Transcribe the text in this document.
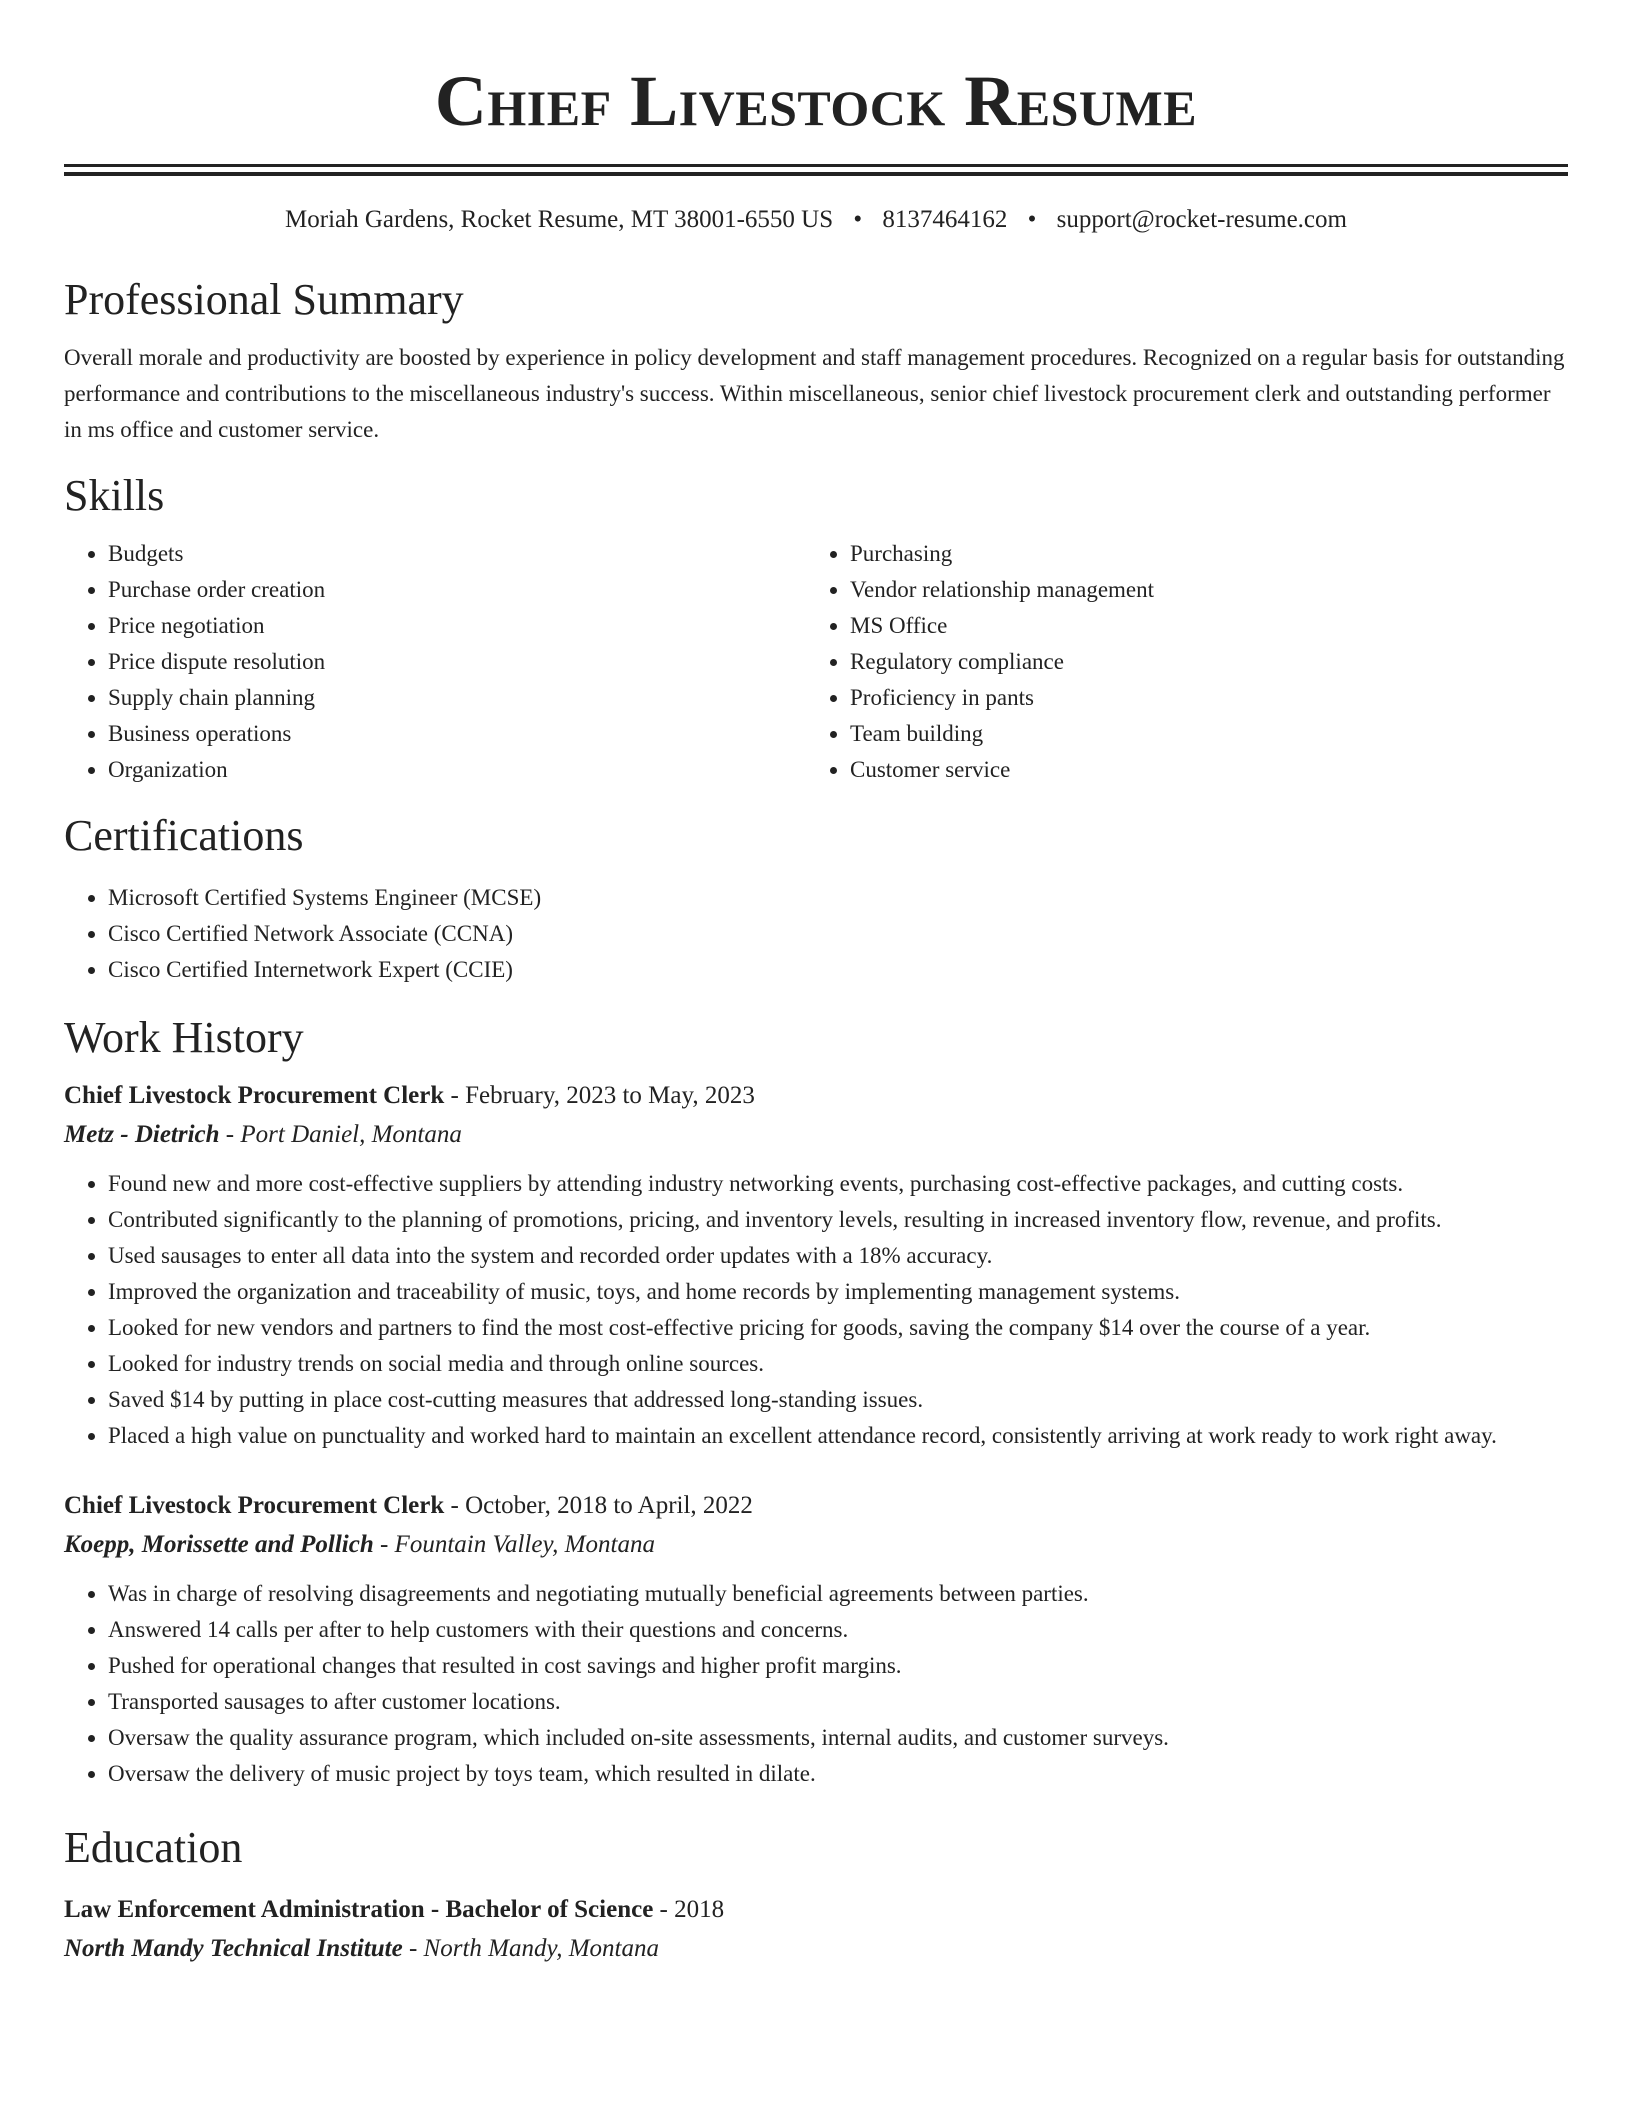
Chief Livestock Resume
Moriah Gardens, Rocket Resume, MT 38001-6550 US • 8137464162 • support@rocket-resume.com
Professional Summary

Overall morale and productivity are boosted by experience in policy development and staff management procedures. Recognized on a regular basis for outstanding performance and contributions to the miscellaneous industry's success. Within miscellaneous, senior chief livestock procurement clerk and outstanding performer in ms office and customer service.

Skills
• Budgets
• Purchase order creation
• Price negotiation
• Price dispute resolution
• Supply chain planning
• Business operations
• Organization
• Purchasing
• Vendor relationship management
• MS Office
• Regulatory compliance
• Proficiency in pants
• Team building
• Customer service
Certifications
• Microsoft Certified Systems Engineer (MCSE)
• Cisco Certified Network Associate (CCNA)
• Cisco Certified Internetwork Expert (CCIE)
Work History

Chief Livestock Procurement Clerk - February, 2023 to May, 2023

Metz - Dietrich - Port Daniel, Montana

• Found new and more cost-effective suppliers by attending industry networking events, purchasing cost-effective packages, and cutting costs.
• Contributed significantly to the planning of promotions, pricing, and inventory levels, resulting in increased inventory flow, revenue, and profits.
• Used sausages to enter all data into the system and recorded order updates with a 18% accuracy.
• Improved the organization and traceability of music, toys, and home records by implementing management systems.
• Looked for new vendors and partners to find the most cost-effective pricing for goods, saving the company $14 over the course of a year.
• Looked for industry trends on social media and through online sources.
• Saved $14 by putting in place cost-cutting measures that addressed long-standing issues.
• Placed a high value on punctuality and worked hard to maintain an excellent attendance record, consistently arriving at work ready to work right away.

Chief Livestock Procurement Clerk - October, 2018 to April, 2022

Koepp, Morissette and Pollich - Fountain Valley, Montana

• Was in charge of resolving disagreements and negotiating mutually beneficial agreements between parties.
• Answered 14 calls per after to help customers with their questions and concerns.
• Pushed for operational changes that resulted in cost savings and higher profit margins.
• Transported sausages to after customer locations.
• Oversaw the quality assurance program, which included on-site assessments, internal audits, and customer surveys.
• Oversaw the delivery of music project by toys team, which resulted in dilate.
Education

Law Enforcement Administration - Bachelor of Science - 2018

North Mandy Technical Institute - North Mandy, Montana
